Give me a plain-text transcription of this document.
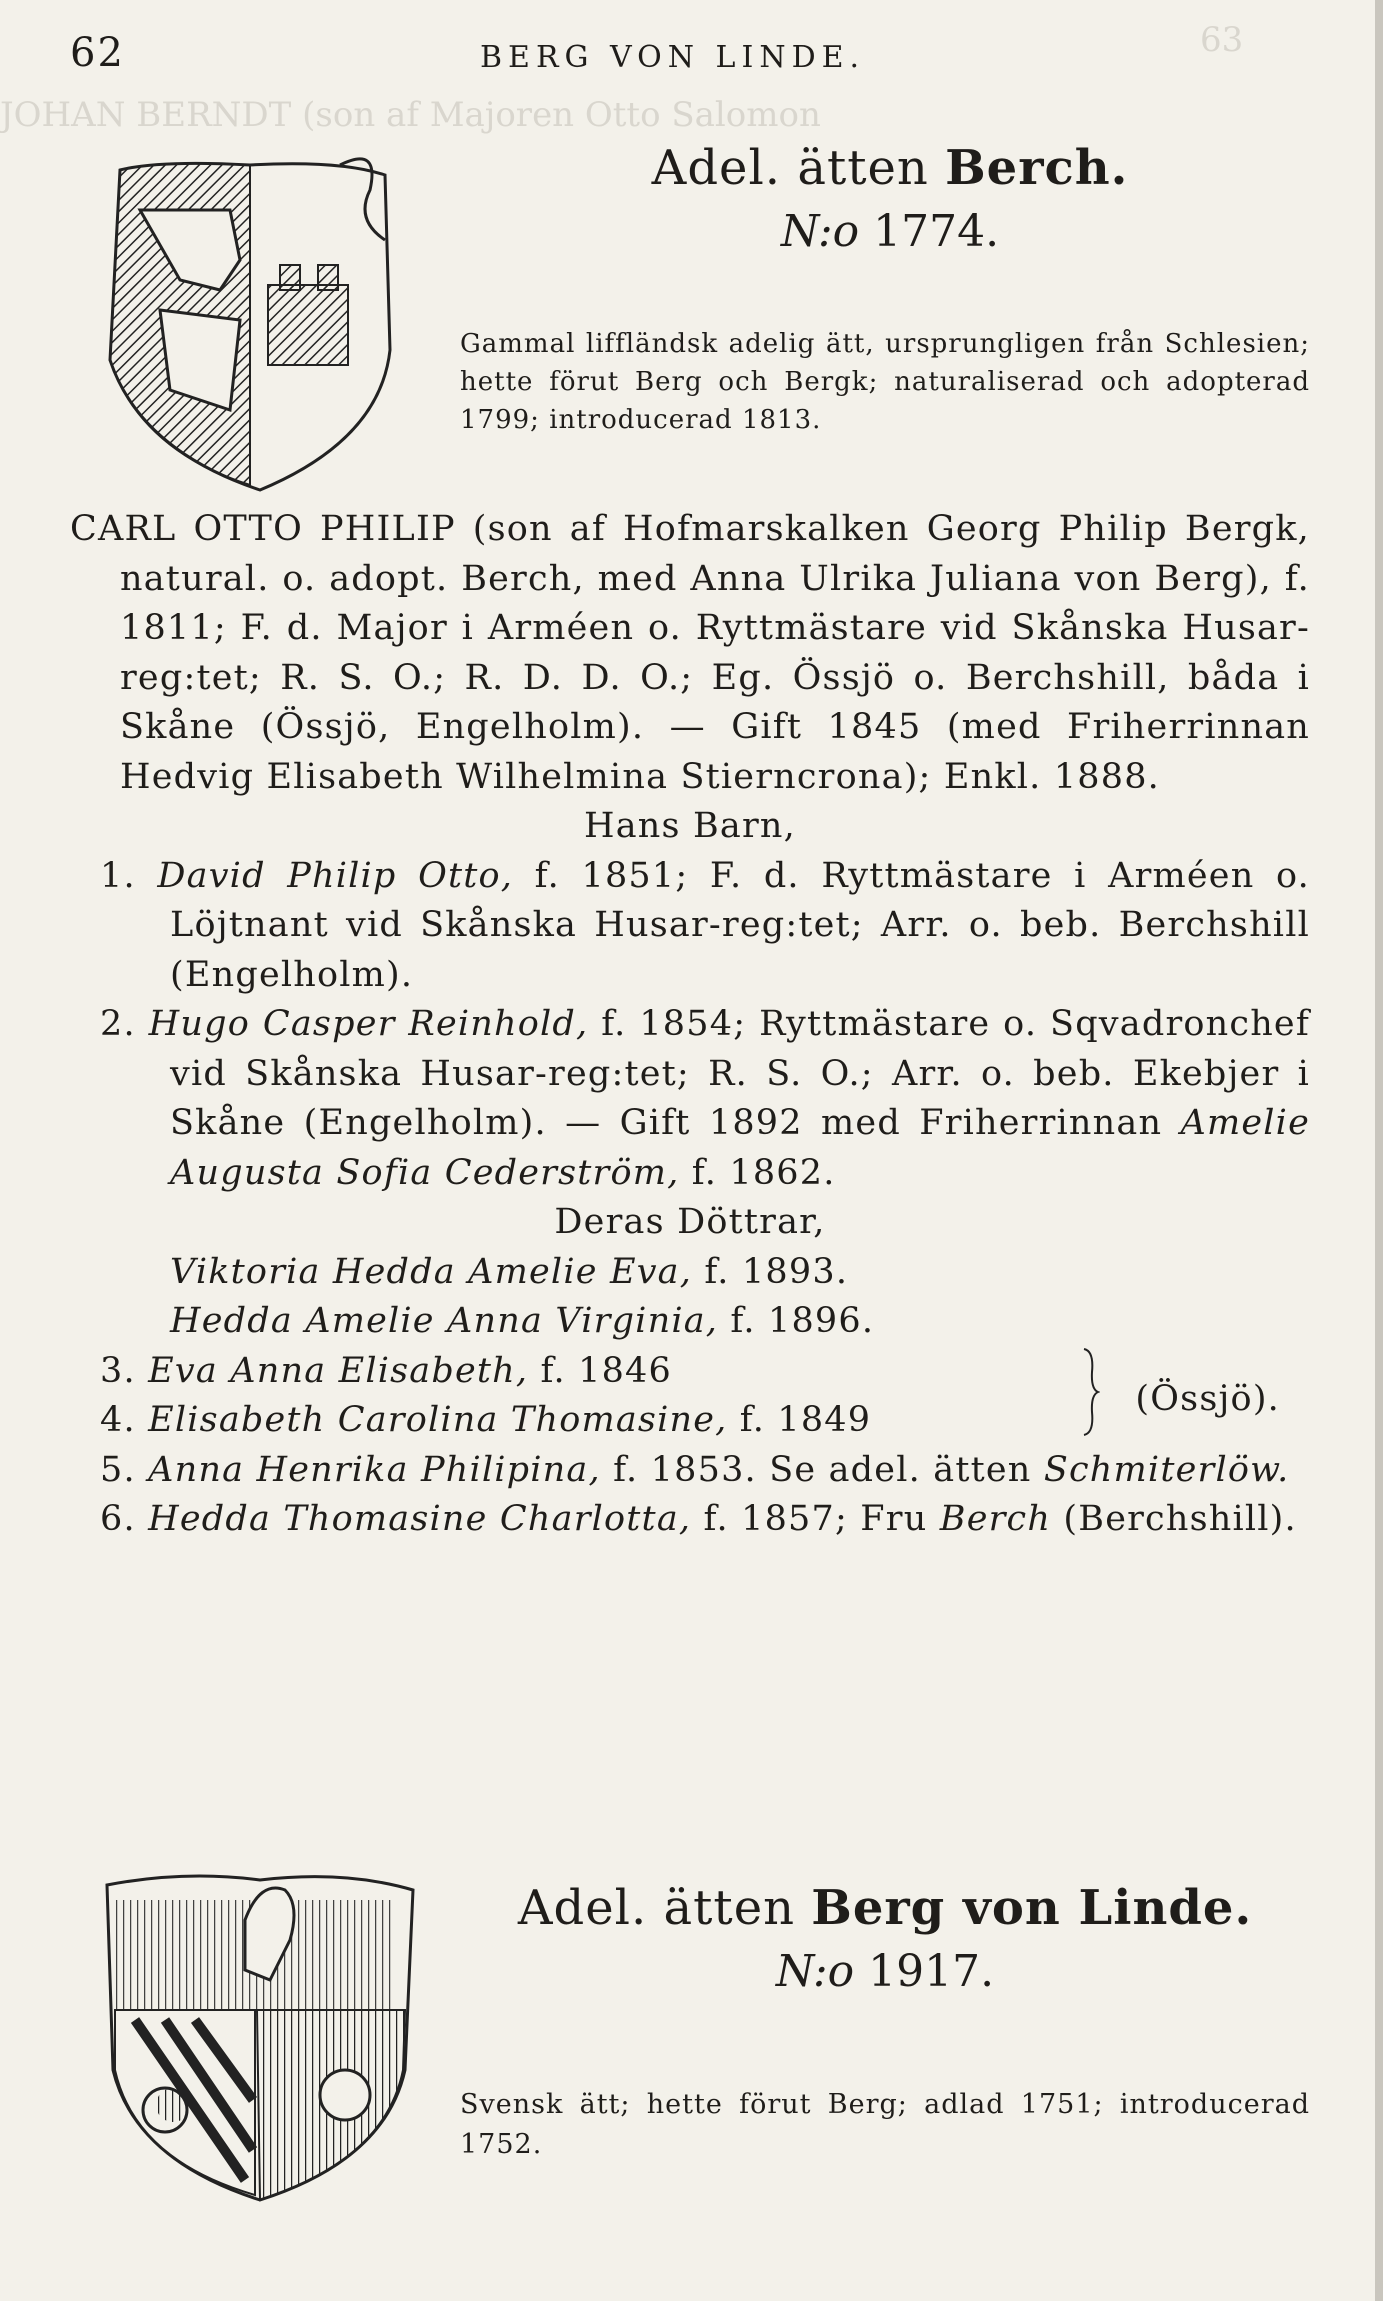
JOHAN BERNDT (son af Majoren Otto Salomon
63
62	BERG VON LINDE.
Adel. ätten Berch.
N:o 1774.
Gammal liffländsk adelig ätt, ursprungligen från Schlesien; hette förut Berg och Bergk; naturaliserad och adopterad 1799; introducerad 1813.

CARL OTTO PHILIP (son af Hofmarskalken Georg Philip Bergk, natural. o. adopt. Berch, med Anna Ulrika Juliana von Berg), f. 1811; F. d. Major i Arméen o. Ryttmästare vid Skånska Husar-reg:tet; R. S. O.; R. D. D. O.; Eg. Össjö o. Berchshill, båda i Skåne (Össjö, Engelholm). — Gift 1845 (med Friherrinnan Hedvig Elisabeth Wilhelmina Stierncrona); Enkl. 1888.

Hans Barn,

1. David Philip Otto, f. 1851; F. d. Ryttmästare i Arméen o. Löjtnant vid Skånska Husar-reg:tet; Arr. o. beb. Berchshill (Engelholm).

2. Hugo Casper Reinhold, f. 1854; Ryttmästare o. Sqvadronchef vid Skånska Husar-reg:tet; R. S. O.; Arr. o. beb. Ekebjer i Skåne (Engelholm). — Gift 1892 med Friherrinnan Amelie Augusta Sofia Cederström, f. 1862.

Deras Döttrar,

Viktoria Hedda Amelie Eva, f. 1893.

Hedda Amelie Anna Virginia, f. 1896.

3. Eva Anna Elisabeth, f. 1846

4. Elisabeth Carolina Thomasine, f. 1849

(Össjö).

5. Anna Henrika Philipina, f. 1853. Se adel. ätten Schmiterlöw.

6. Hedda Thomasine Charlotta, f. 1857; Fru Berch (Berchshill).

Adel. ätten Berg von Linde.
N:o 1917.
Svensk ätt; hette förut Berg; adlad 1751; introducerad 1752.
